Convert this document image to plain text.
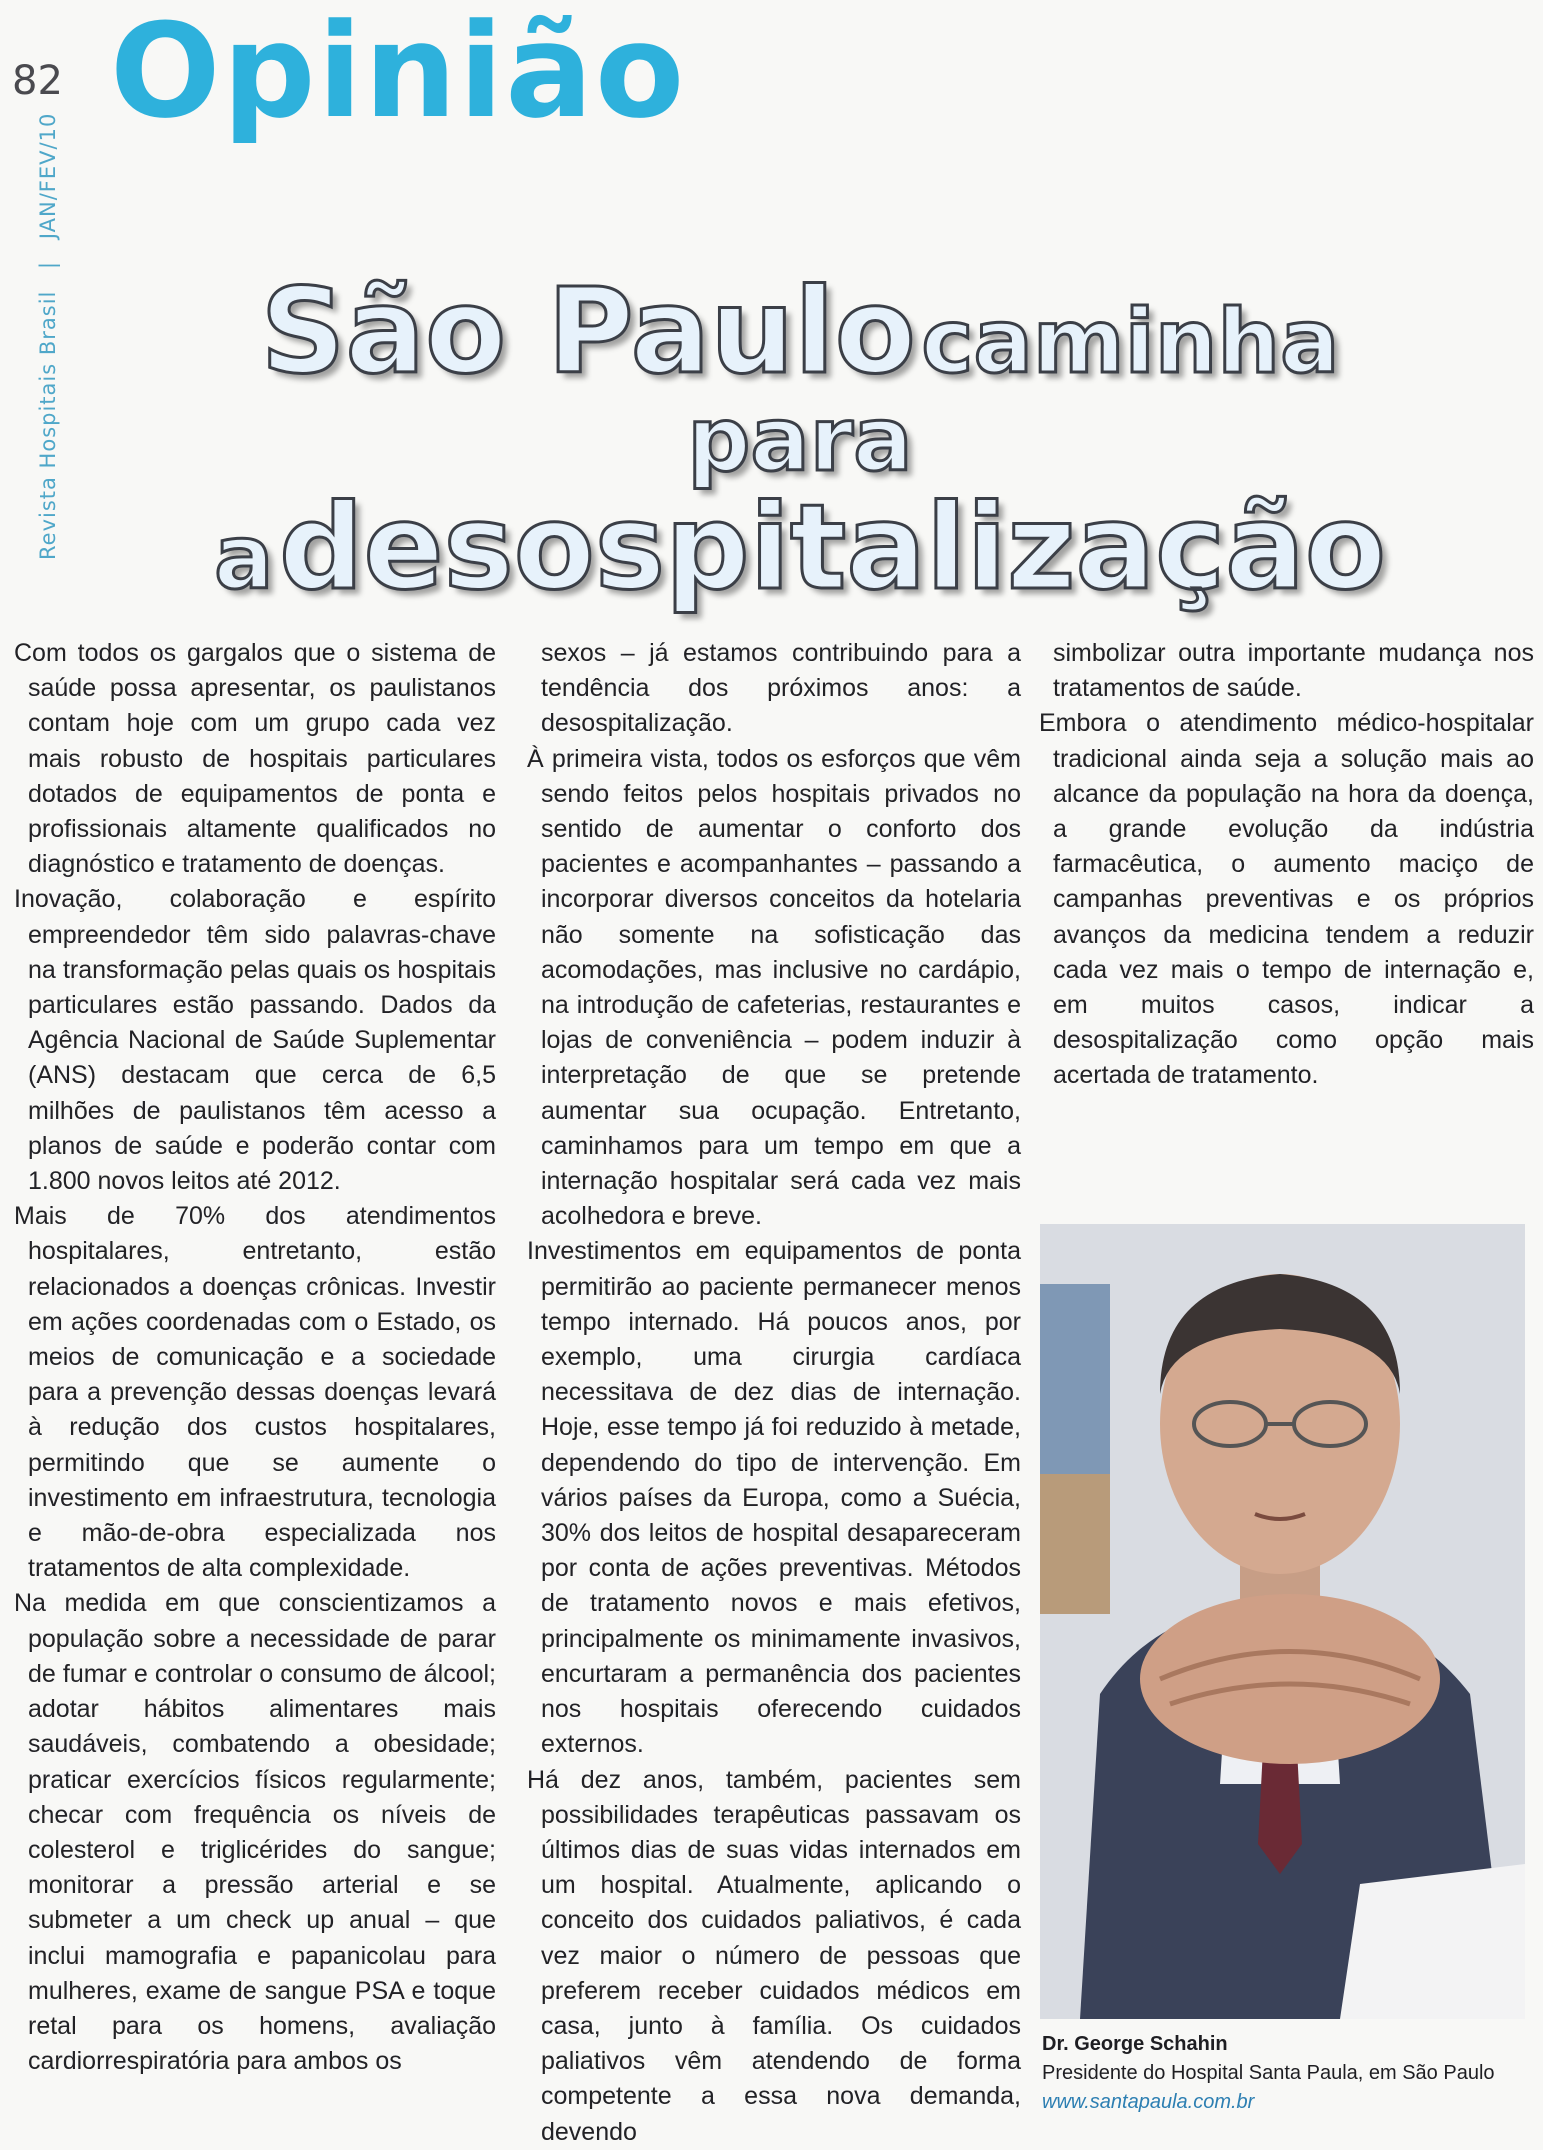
82 Opinião
Revista Hospitais Brasil | JAN/FEV/10
São Paulo caminha para
a desospitalização

Com todos os gargalos que o sistema de saúde possa apresentar, os paulistanos contam hoje com um grupo cada vez mais robusto de hospitais particulares dotados de equipamentos de ponta e profissionais altamente qualificados no diagnóstico e tratamento de doenças.

Inovação, colaboração e espírito empreendedor têm sido palavras-chave na transformação pelas quais os hospitais particulares estão passando. Dados da Agência Nacional de Saúde Suplementar (ANS) destacam que cerca de 6,5 milhões de paulistanos têm acesso a planos de saúde e poderão contar com 1.800 novos leitos até 2012.

Mais de 70% dos atendimentos hospitalares, entretanto, estão relacionados a doenças crônicas. Investir em ações coordenadas com o Estado, os meios de comunicação e a sociedade para a prevenção dessas doenças levará à redução dos custos hospitalares, permitindo que se aumente o investimento em infraestrutura, tecnologia e mão-de-obra especializada nos tratamentos de alta complexidade.

Na medida em que conscientizamos a população sobre a necessidade de parar de fumar e controlar o consumo de álcool; adotar hábitos alimentares mais saudáveis, combatendo a obesidade; praticar exercícios físicos regularmente; checar com frequência os níveis de colesterol e triglicérides do sangue; monitorar a pressão arterial e se submeter a um check up anual – que inclui mamografia e papanicolau para mulheres, exame de sangue PSA e toque retal para os homens, avaliação cardiorrespiratória para ambos os

sexos – já estamos contribuindo para a tendência dos próximos anos: a desospitalização.

À primeira vista, todos os esforços que vêm sendo feitos pelos hospitais privados no sentido de aumentar o conforto dos pacientes e acompanhantes – passando a incorporar diversos conceitos da hotelaria não somente na sofisticação das acomodações, mas inclusive no cardápio, na introdução de cafeterias, restaurantes e lojas de conveniência – podem induzir à interpretação de que se pretende aumentar sua ocupação. Entretanto, caminhamos para um tempo em que a internação hospitalar será cada vez mais acolhedora e breve.

Investimentos em equipamentos de ponta permitirão ao paciente permanecer menos tempo internado. Há poucos anos, por exemplo, uma cirurgia cardíaca necessitava de dez dias de internação. Hoje, esse tempo já foi reduzido à metade, dependendo do tipo de intervenção. Em vários países da Europa, como a Suécia, 30% dos leitos de hospital desapareceram por conta de ações preventivas. Métodos de tratamento novos e mais efetivos, principalmente os minimamente invasivos, encurtaram a permanência dos pacientes nos hospitais oferecendo cuidados externos.

Há dez anos, também, pacientes sem possibilidades terapêuticas passavam os últimos dias de suas vidas internados em um hospital. Atualmente, aplicando o conceito dos cuidados paliativos, é cada vez maior o número de pessoas que preferem receber cuidados médicos em casa, junto à família. Os cuidados paliativos vêm atendendo de forma competente a essa nova demanda, devendo

simbolizar outra importante mudança nos tratamentos de saúde.

Embora o atendimento médico-hospitalar tradicional ainda seja a solução mais ao alcance da população na hora da doença, a grande evolução da indústria farmacêutica, o aumento maciço de campanhas preventivas e os próprios avanços da medicina tendem a reduzir cada vez mais o tempo de internação e, em muitos casos, indicar a desospitalização como opção mais acertada de tratamento.

Dr. George Schahin
Presidente do Hospital Santa Paula, em São Paulo
www.santapaula.com.br
